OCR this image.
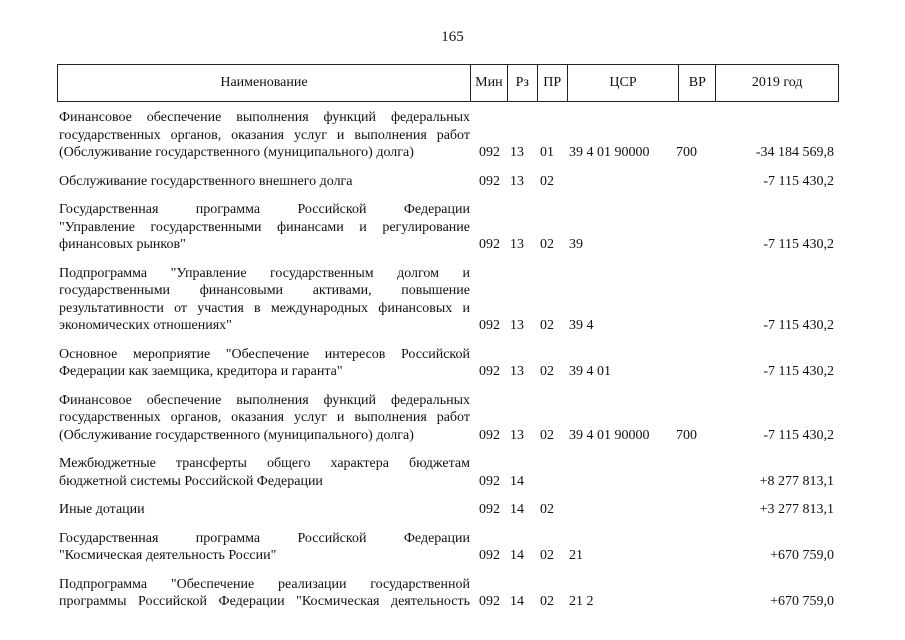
165
Наименование	Мин Рз	ПР	ЦСР	ВР	2019 год
Финансовое обеспечение выполнения функций федеральных
государственных органов, оказания услуг и выполнения работ
(Обслуживание государственного (муниципального) долга)	092 13 01 39 4 01 90000 700	-34 184 569,8
Обслуживание государственного внешнего долга	092 13 02	-7 115 430,2
Государственная программа Российской Федерации
"Управление государственными финансами и регулирование
финансовых рынков"	092 13 02 39	-7 115 430,2
Подпрограмма "Управление государственным долгом и
государственными финансовыми активами, повышение
результативности от участия в международных финансовых и
экономических отношениях"	092 13 02 39 4	-7 115 430,2
Основное мероприятие "Обеспечение интересов Российской
Федерации как заемщика, кредитора и гаранта"	092 13 02 39 4 01	-7 115 430,2
Финансовое обеспечение выполнения функций федеральных
государственных органов, оказания услуг и выполнения работ
(Обслуживание государственного (муниципального) долга)	092 13 02 39 4 01 90000 700	-7 115 430,2
Межбюджетные трансферты общего характера бюджетам
бюджетной системы Российской Федерации	092 14	+8 277 813,1
Иные дотации	092 14 02	+3 277 813,1
Государственная программа Российской Федерации
"Космическая деятельность России"	092 14 02 21	+670 759,0
Подпрограмма "Обеспечение реализации государственной
программы Российской Федерации "Космическая деятельность 092 14 02 21 2	+670 759,0
